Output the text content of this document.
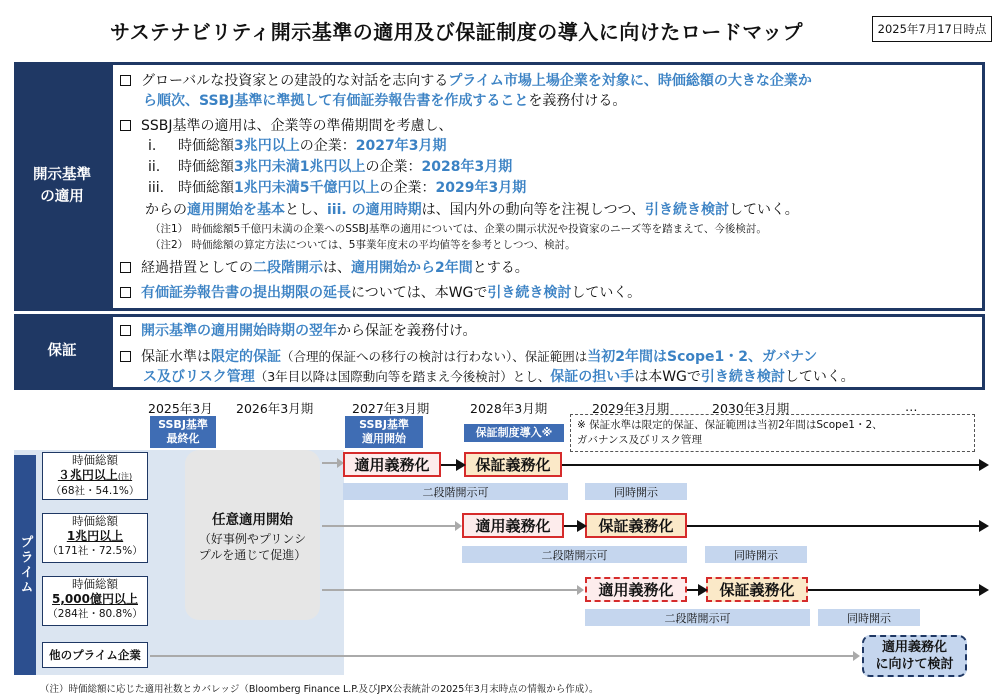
サステナビリティ開示基準の適用及び保証制度の導入に向けたロードマップ	2025年7月17日時点
開示基準
の適用
グローバルな投資家との建設的な対話を志向するプライム市場上場企業を対象に、時価総額の大きな企業か
ら順次、SSBJ基準に準拠して有価証券報告書を作成することを義務付ける。
SSBJ基準の適用は、企業等の準備期間を考慮し、
i. 時価総額3兆円以上の企業：2027年3月期
ii. 時価総額3兆円未満1兆円以上の企業：2028年3月期
iii. 時価総額1兆円未満5千億円以上の企業：2029年3月期
からの適用開始を基本とし、iii. の適用時期は、国内外の動向等を注視しつつ、引き続き検討していく。
（注1） 時価総額5千億円未満の企業へのSSBJ基準の適用については、企業の開示状況や投資家のニーズ等を踏まえて、今後検討。
（注2） 時価総額の算定方法については、5事業年度末の平均値等を参考としつつ、検討。
経過措置としての二段階開示は、適用開始から2年間とする。
有価証券報告書の提出期限の延長については、本WGで引き続き検討していく。
保証
開示基準の適用開始時期の翌年から保証を義務付け。
保証水準は限定的保証（合理的保証への移行の検討は行わない）、保証範囲は当初2年間はScope1・2、ガバナン
ス及びリスク管理（3年目以降は国際動向等を踏まえ今後検討）とし、保証の担い手は本WGで引き続き検討していく。
2025年3月 2026年3月期	2027年3月期	2028年3月期	2029年3月期	2030年3月期	…
SSBJ基準
最終化
SSBJ基準
適用開始	保証制度導入※
※ 保証水準は限定的保証、保証範囲は当初2年間はScope1・2、
ガバナンス及びリスク管理
プライム
時価総額
３兆円以上(注)
（68社・54.1%）
時価総額
1兆円以上
（171社・72.5%）
時価総額
5,000億円以上
（284社・80.8%）
他のプライム企業
任意適用開始
（好事例やプリンシ
プルを通じて促進）
適用義務化	保証義務化
二段階開示可	同時開示
適用義務化	保証義務化
二段階開示可	同時開示
適用義務化	保証義務化
二段階開示可	同時開示
適用義務化
に向けて検討
（注）時価総額に応じた適用社数とカバレッジ（Bloomberg Finance L.P.及びJPX公表統計の2025年3月末時点の情報から作成）。
